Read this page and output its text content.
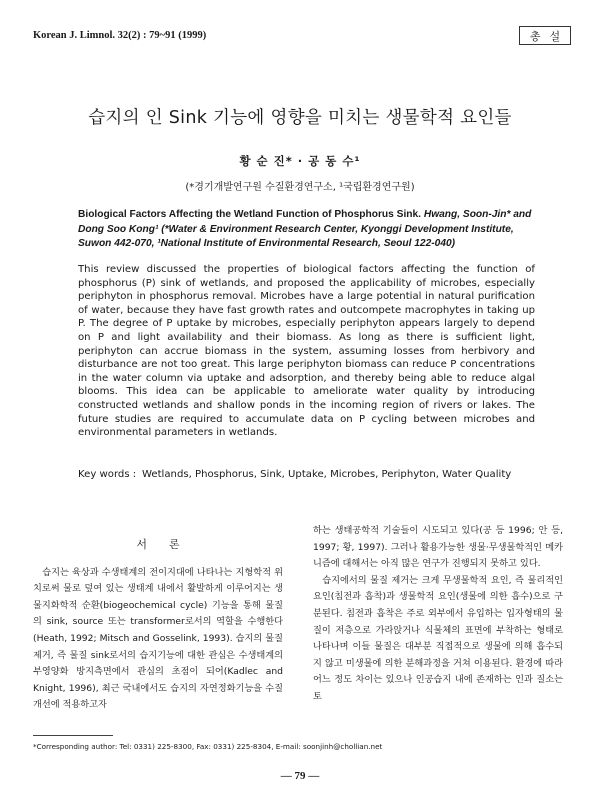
Korean J. Limnol. 32(2) : 79~91 (1999)	총설
습지의 인 Sink 기능에 영향을 미치는 생물학적 요인들
황 순 진* · 공 동 수¹
(*경기개발연구원 수질환경연구소, ¹국립환경연구원)
Biological Factors Affecting the Wetland Function of Phosphorus Sink. Hwang, Soon-Jin* and Dong Soo Kong¹ (*Water & Environment Research Center, Kyonggi Development Institute, Suwon 442-070, ¹National Institute of Environmental Research, Seoul 122-040)
This review discussed the properties of biological factors affecting the function of phosphorus (P) sink of wetlands, and proposed the applicability of microbes, especially periphyton in phosphorus removal. Microbes have a large potential in natural purification of water, because they have fast growth rates and outcompete macrophytes in taking up P. The degree of P uptake by microbes, especially periphyton appears largely to depend on P and light availability and their biomass. As long as there is sufficient light, periphyton can accrue biomass in the system, assuming losses from herbivory and disturbance are not too great. This large periphyton biomass can reduce P concentrations in the water column via uptake and adsorption, and thereby being able to reduce algal blooms. This idea can be applicable to ameliorate water quality by introducing constructed wetlands and shallow ponds in the incoming region of rivers or lakes. The future studies are required to accumulate data on P cycling between microbes and environmental parameters in wetlands.
Key words : Wetlands, Phosphorus, Sink, Uptake, Microbes, Periphyton, Water Quality
서론

습지는 육상과 수생태계의 전이지대에 나타나는 지형학적 위치로써 물로 덮여 있는 생태계 내에서 활발하게 이루어지는 생물지화학적 순환(biogeochemical cycle) 기능을 통해 물질의 sink, source 또는 transformer로서의 역할을 수행한다(Heath, 1992; Mitsch and Gosselink, 1993). 습지의 물질 제거, 즉 물질 sink로서의 습지기능에 대한 관심은 수생태계의 부영양화 방지측면에서 관심의 초점이 되어(Kadlec and Knight, 1996), 최근 국내에서도 습지의 자연정화기능을 수질개선에 적용하고자

하는 생태공학적 기술들이 시도되고 있다(공 등 1996; 안 등, 1997; 황, 1997). 그러나 활용가능한 생물·무생물학적인 메카니즘에 대해서는 아직 많은 연구가 진행되지 못하고 있다.

습지에서의 물질 제거는 크게 무생물학적 요인, 즉 물리적인 요인(침전과 흡착)과 생물학적 요인(생물에 의한 흡수)으로 구분된다. 침전과 흡착은 주로 외부에서 유입하는 입자형태의 물질이 저층으로 가라앉거나 식물체의 표면에 부착하는 형태로 나타나며 이들 물질은 대부분 직접적으로 생물에 의해 흡수되지 않고 미생물에 의한 분해과정을 거쳐 이용된다. 환경에 따라 어느 정도 차이는 있으나 인공습지 내에 존재하는 인과 질소는 토

*Corresponding author: Tel: 0331) 225-8300, Fax: 0331) 225-8304, E-mail: soonjinh@chollian.net
— 79 —
